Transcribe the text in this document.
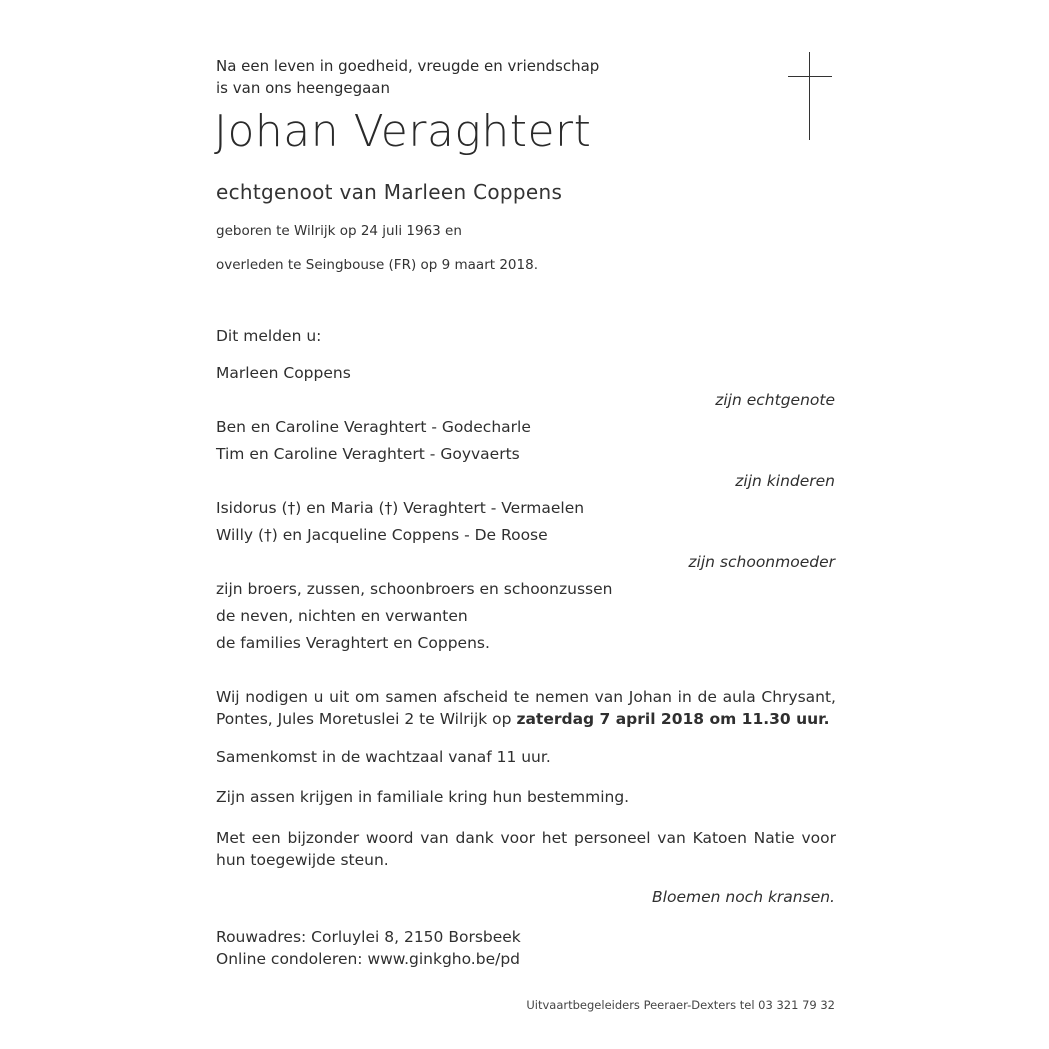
Na een leven in goedheid, vreugde en vriendschap
is van ons heengegaan
Johan Veraghtert
echtgenoot van Marleen Coppens
geboren te Wilrijk op 24 juli 1963 en
overleden te Seingbouse (FR) op 9 maart 2018.
Dit melden u:
Marleen Coppens
zijn echtgenote
Ben en Caroline Veraghtert - Godecharle
Tim en Caroline Veraghtert - Goyvaerts
zijn kinderen
Isidorus (†) en Maria (†) Veraghtert - Vermaelen
Willy (†) en Jacqueline Coppens - De Roose
zijn schoonmoeder
zijn broers, zussen, schoonbroers en schoonzussen
de neven, nichten en verwanten
de families Veraghtert en Coppens.
Wij nodigen u uit om samen afscheid te nemen van Johan in de aula Chrysant, Pontes, Jules Moretuslei 2 te Wilrijk op zaterdag 7 april 2018 om 11.30 uur.
Samenkomst in de wachtzaal vanaf 11 uur.
Zijn assen krijgen in familiale kring hun bestemming.
Met een bijzonder woord van dank voor het personeel van Katoen Natie voor hun toegewijde steun.
Bloemen noch kransen.
Rouwadres: Corluylei 8, 2150 Borsbeek
Online condoleren: www.ginkgho.be/pd
Uitvaartbegeleiders Peeraer-Dexters tel 03 321 79 32
